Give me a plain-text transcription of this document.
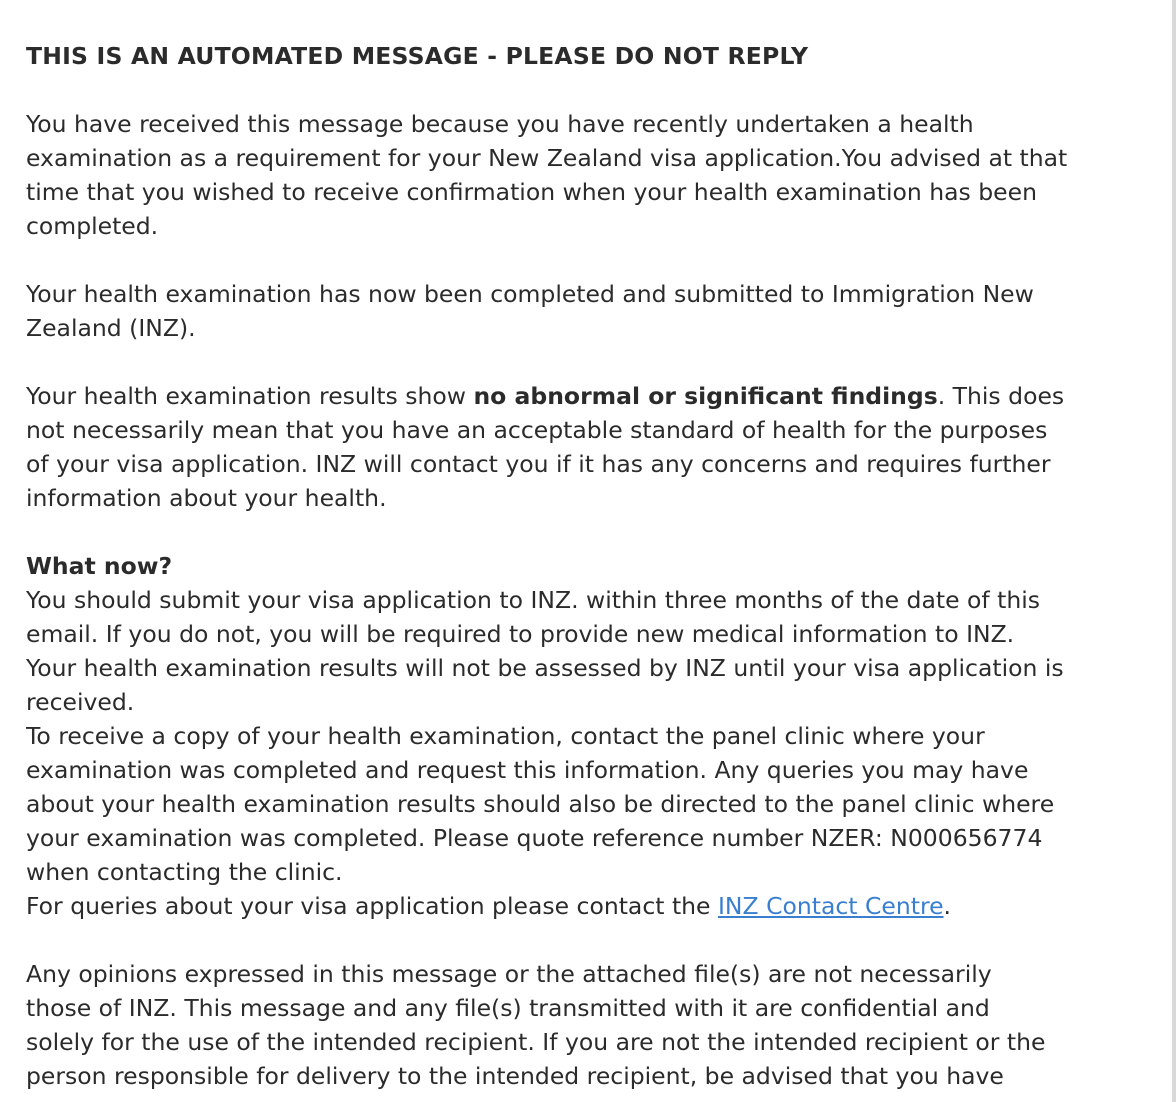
THIS IS AN AUTOMATED MESSAGE - PLEASE DO NOT REPLY
You have received this message because you have recently undertaken a health
examination as a requirement for your New Zealand visa application.You advised at that
time that you wished to receive confirmation when your health examination has been
completed.
Your health examination has now been completed and submitted to Immigration New
Zealand (INZ).
Your health examination results show no abnormal or significant findings. This does
not necessarily mean that you have an acceptable standard of health for the purposes
of your visa application. INZ will contact you if it has any concerns and requires further
information about your health.
What now?
You should submit your visa application to INZ. within three months of the date of this
email. If you do not, you will be required to provide new medical information to INZ.
Your health examination results will not be assessed by INZ until your visa application is
received.
To receive a copy of your health examination, contact the panel clinic where your
examination was completed and request this information. Any queries you may have
about your health examination results should also be directed to the panel clinic where
your examination was completed. Please quote reference number NZER: N000656774
when contacting the clinic.
For queries about your visa application please contact the INZ Contact Centre.
Any opinions expressed in this message or the attached file(s) are not necessarily
those of INZ. This message and any file(s) transmitted with it are confidential and
solely for the use of the intended recipient. If you are not the intended recipient or the
person responsible for delivery to the intended recipient, be advised that you have
